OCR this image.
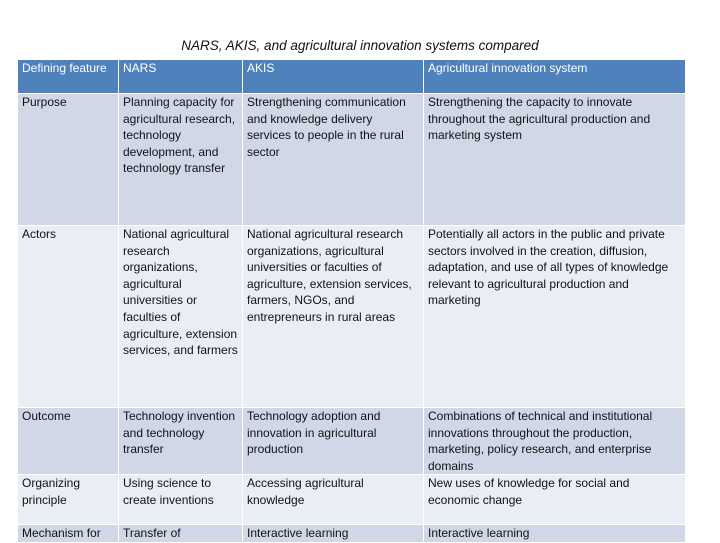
NARS, AKIS, and agricultural innovation systems compared
Defining feature	NARS	AKIS	Agricultural innovation system
Purpose	Planning capacity for agricultural research, technology development, and technology transfer	Strengthening communication and knowledge delivery services to people in the rural sector	Strengthening the capacity to innovate throughout the agricultural production and marketing system
Actors	National agricultural research organizations, agricultural universities or faculties of agriculture, extension services, and farmers	National agricultural research organizations, agricultural universities or faculties of agriculture, extension services, farmers, NGOs, and entrepreneurs in rural areas	Potentially all actors in the public and private sectors involved in the creation, diffusion, adaptation, and use of all types of knowledge relevant to agricultural production and marketing
Outcome	Technology invention and technology transfer	Technology adoption and innovation in agricultural production	Combinations of technical and institutional innovations throughout the production, marketing, policy research, and enterprise domains
Organizing principle	Using science to create inventions	Accessing agricultural knowledge	New uses of knowledge for social and economic change
Mechanism for	Transfer of	Interactive learning	Interactive learning
